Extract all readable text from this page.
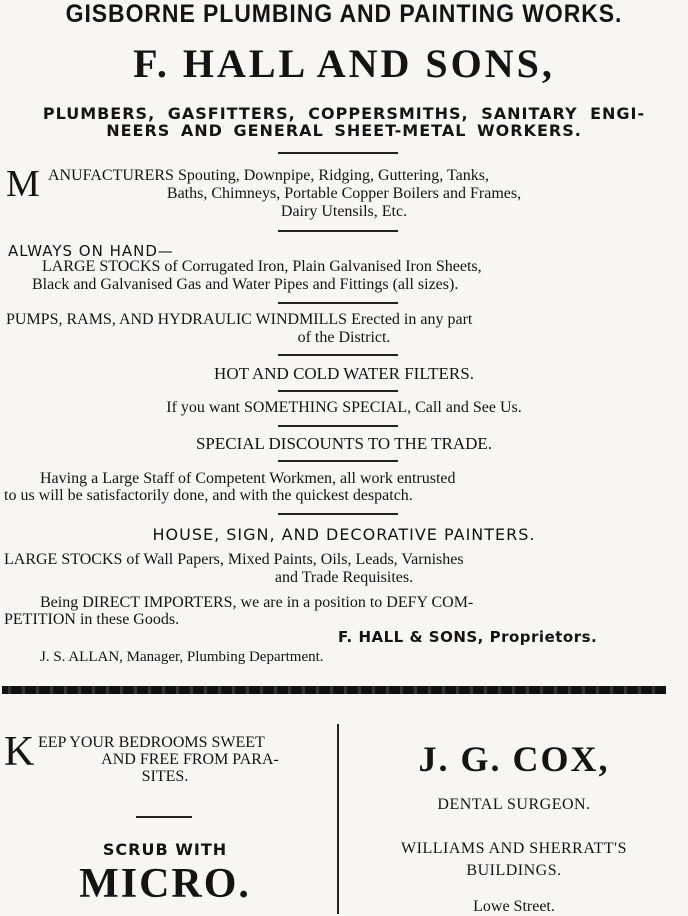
GISBORNE PLUMBING AND PAINTING WORKS.
F. HALL AND SONS,
PLUMBERS, GASFITTERS, COPPERSMITHS, SANITARY ENGI-
NEERS AND GENERAL SHEET-METAL WORKERS.
M ANUFACTURERS Spouting, Downpipe, Ridging, Guttering, Tanks,
Baths, Chimneys, Portable Copper Boilers and Frames,
Dairy Utensils, Etc.
ALWAYS ON HAND—
LARGE STOCKS of Corrugated Iron, Plain Galvanised Iron Sheets,
Black and Galvanised Gas and Water Pipes and Fittings (all sizes).
PUMPS, RAMS, AND HYDRAULIC WINDMILLS Erected in any part
of the District.
HOT AND COLD WATER FILTERS.
If you want SOMETHING SPECIAL, Call and See Us.
SPECIAL DISCOUNTS TO THE TRADE.
Having a Large Staff of Competent Workmen, all work entrusted
to us will be satisfactorily done, and with the quickest despatch.
HOUSE, SIGN, AND DECORATIVE PAINTERS.
LARGE STOCKS of Wall Papers, Mixed Paints, Oils, Leads, Varnishes
and Trade Requisites.
Being DIRECT IMPORTERS, we are in a position to DEFY COM-
PETITION in these Goods.
F. HALL & SONS, Proprietors.
J. S. ALLAN, Manager, Plumbing Department.
K EEP YOUR BEDROOMS SWEET
AND FREE FROM PARA-
SITES.
SCRUB WITH
MICRO.
J. G. COX,
DENTAL SURGEON.
WILLIAMS AND SHERRATT'S
BUILDINGS.
Lowe Street.
